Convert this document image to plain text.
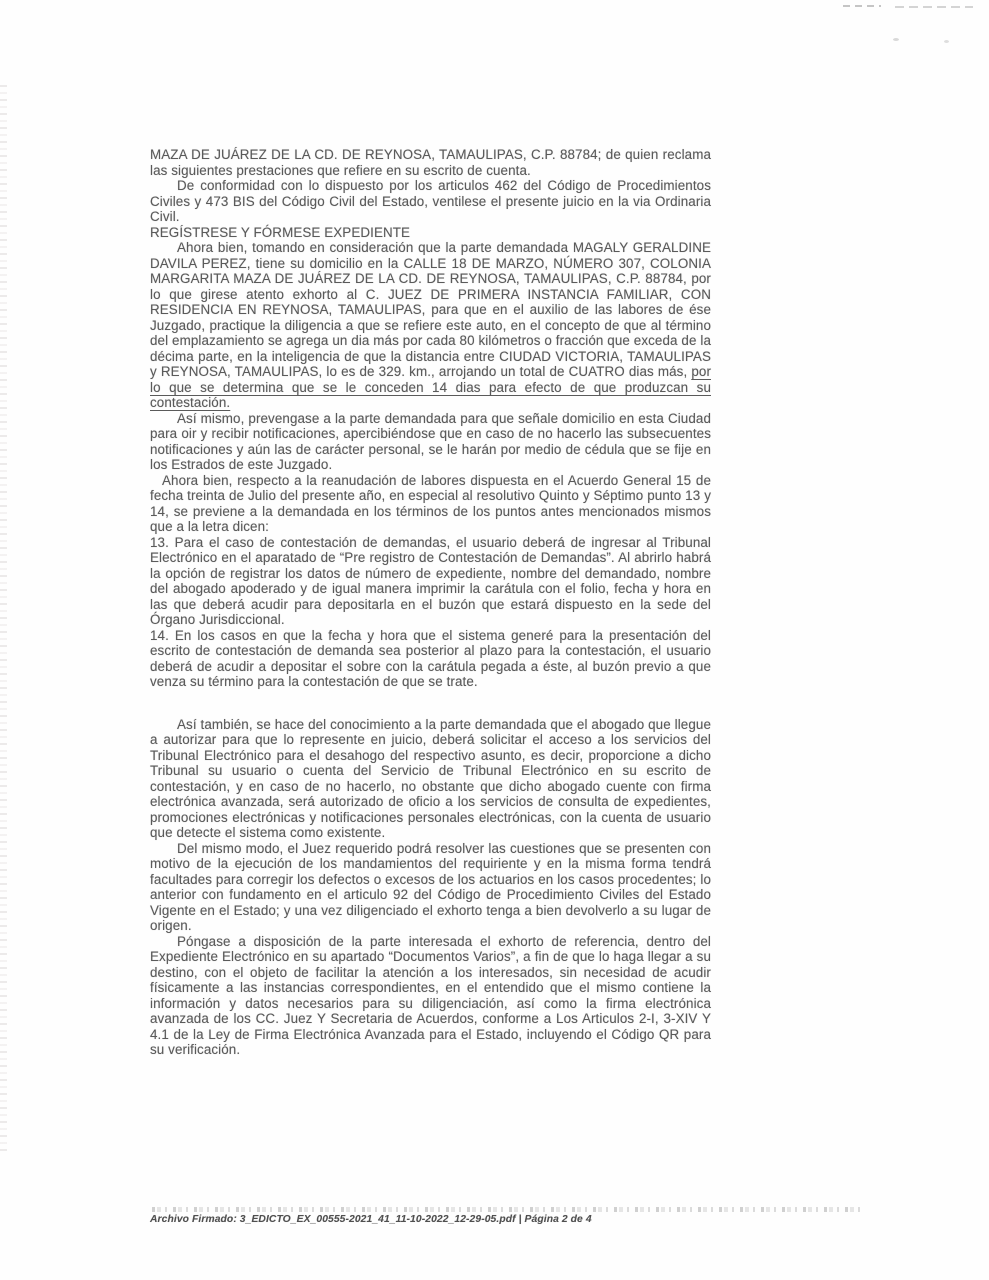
MAZA DE JUÁREZ DE LA CD. DE REYNOSA, TAMAULIPAS, C.P. 88784; de quien reclama las siguientes prestaciones que refiere en su escrito de cuenta.

De conformidad con lo dispuesto por los articulos 462 del Código de Procedimientos Civiles y 473 BIS del Código Civil del Estado, ventilese el presente juicio en la via Ordinaria Civil.

REGÍSTRESE Y FÓRMESE EXPEDIENTE

Ahora bien, tomando en consideración que la parte demandada MAGALY GERALDINE DAVILA PEREZ, tiene su domicilio en la CALLE 18 DE MARZO, NÚMERO 307, COLONIA MARGARITA MAZA DE JUÁREZ DE LA CD. DE REYNOSA, TAMAULIPAS, C.P. 88784, por lo que girese atento exhorto al C. JUEZ DE PRIMERA INSTANCIA FAMILIAR, CON RESIDENCIA EN REYNOSA, TAMAULIPAS, para que en el auxilio de las labores de ése Juzgado, practique la diligencia a que se refiere este auto, en el concepto de que al término del emplazamiento se agrega un dia más por cada 80 kilómetros o fracción que exceda de la décima parte, en la inteligencia de que la distancia entre CIUDAD VICTORIA, TAMAULIPAS y REYNOSA, TAMAULIPAS, lo es de 329. km., arrojando un total de CUATRO dias más, por lo que se determina que se le conceden 14 dias para efecto de que produzcan su contestación.

Así mismo, prevengase a la parte demandada para que señale domicilio en esta Ciudad para oir y recibir notificaciones, apercibiéndose que en caso de no hacerlo las subsecuentes notificaciones y aún las de carácter personal, se le harán por medio de cédula que se fije en los Estrados de este Juzgado.

Ahora bien, respecto a la reanudación de labores dispuesta en el Acuerdo General 15 de fecha treinta de Julio del presente año, en especial al resolutivo Quinto y Séptimo punto 13 y 14, se previene a la demandada en los términos de los puntos antes mencionados mismos que a la letra dicen:

13. Para el caso de contestación de demandas, el usuario deberá de ingresar al Tribunal Electrónico en el aparatado de “Pre registro de Contestación de Demandas”. Al abrirlo habrá la opción de registrar los datos de número de expediente, nombre del demandado, nombre del abogado apoderado y de igual manera imprimir la carátula con el folio, fecha y hora en las que deberá acudir para depositarla en el buzón que estará dispuesto en la sede del Órgano Jurisdiccional.

14. En los casos en que la fecha y hora que el sistema generé para la presentación del escrito de contestación de demanda sea posterior al plazo para la contestación, el usuario deberá de acudir a depositar el sobre con la carátula pegada a éste, al buzón previo a que venza su término para la contestación de que se trate.

Así también, se hace del conocimiento a la parte demandada que el abogado que llegue a autorizar para que lo represente en juicio, deberá solicitar el acceso a los servicios del Tribunal Electrónico para el desahogo del respectivo asunto, es decir, proporcione a dicho Tribunal su usuario o cuenta del Servicio de Tribunal Electrónico en su escrito de contestación, y en caso de no hacerlo, no obstante que dicho abogado cuente con firma electrónica avanzada, será autorizado de oficio a los servicios de consulta de expedientes, promociones electrónicas y notificaciones personales electrónicas, con la cuenta de usuario que detecte el sistema como existente.

Del mismo modo, el Juez requerido podrá resolver las cuestiones que se presenten con motivo de la ejecución de los mandamientos del requiriente y en la misma forma tendrá facultades para corregir los defectos o excesos de los actuarios en los casos procedentes; lo anterior con fundamento en el articulo 92 del Código de Procedimiento Civiles del Estado Vigente en el Estado; y una vez diligenciado el exhorto tenga a bien devolverlo a su lugar de origen.

Póngase a disposición de la parte interesada el exhorto de referencia, dentro del Expediente Electrónico en su apartado “Documentos Varios”, a fin de que lo haga llegar a su destino, con el objeto de facilitar la atención a los interesados, sin necesidad de acudir físicamente a las instancias correspondientes, en el entendido que el mismo contiene la información y datos necesarios para su diligenciación, así como la firma electrónica avanzada de los CC. Juez Y Secretaria de Acuerdos, conforme a Los Articulos 2-I, 3-XIV Y 4.1 de la Ley de Firma Electrónica Avanzada para el Estado, incluyendo el Código QR para su verificación.

Archivo Firmado: 3_EDICTO_EX_00555-2021_41_11-10-2022_12-29-05.pdf | Página 2 de 4
